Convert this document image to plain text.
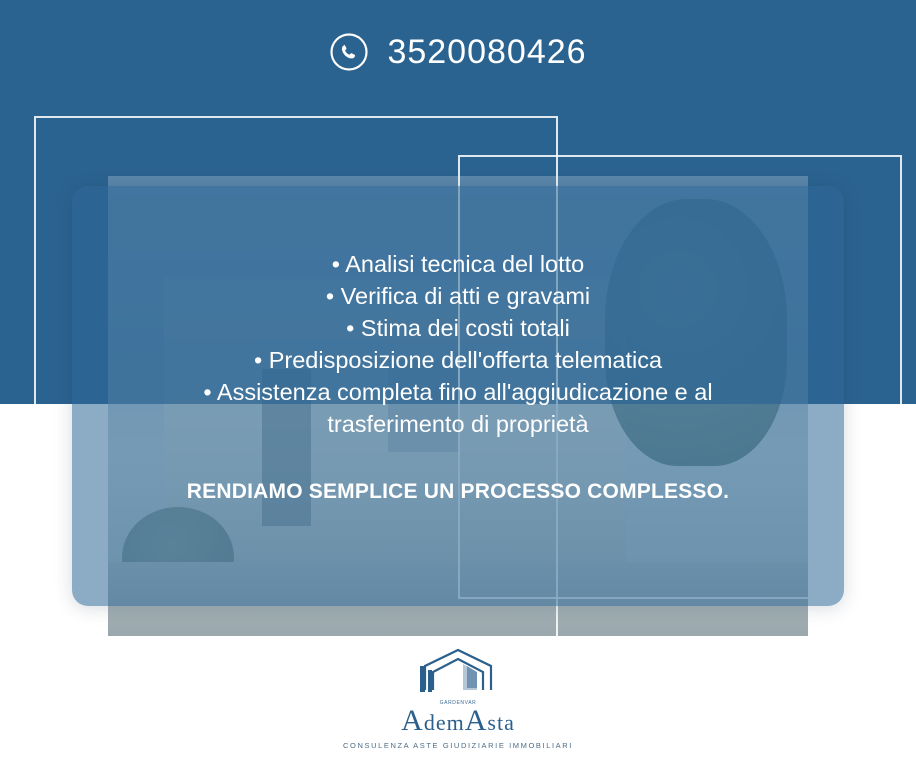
3520080426
• Analisi tecnica del lotto
• Verifica di atti e gravami
• Stima dei costi totali
• Predisposizione dell'offerta telematica
• Assistenza completa fino all'aggiudicazione e al trasferimento di proprietà
RENDIAMO SEMPLICE UN PROCESSO COMPLESSO.
GARDENVAR
AdemAsta
CONSULENZA ASTE GIUDIZIARIE IMMOBILIARI
